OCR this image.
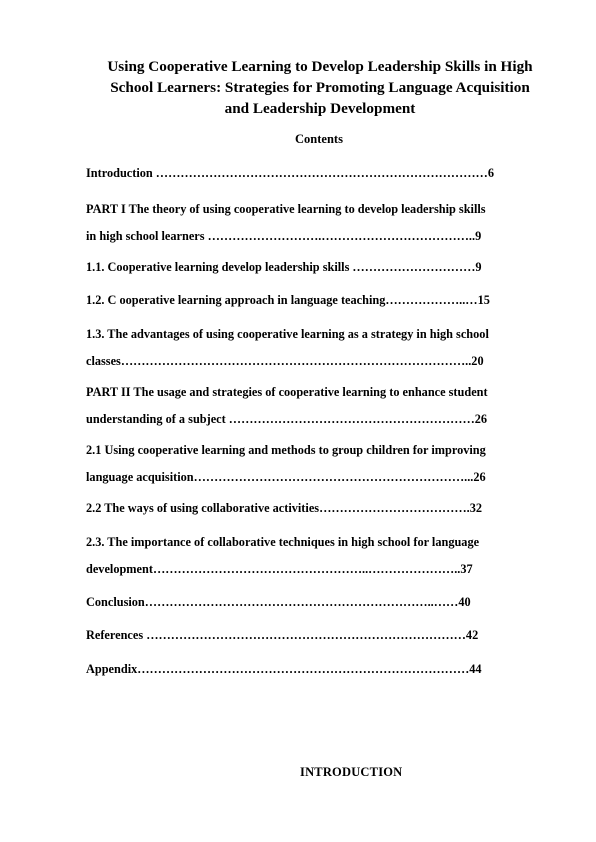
Using Cooperative Learning to Develop Leadership Skills in High
School Learners: Strategies for Promoting Language Acquisition
and Leadership Development
Contents
Introduction ………………………………………………………………………6
PART I The theory of using cooperative learning to develop leadership skills
in high school learners ……………………….………………………………..9
1.1. Cooperative learning develop leadership skills …………………………9
1.2. C ooperative learning approach in language teaching………………..…15
1.3. The advantages of using cooperative learning as a strategy in high school
classes…………………………………………………………………………..20
PART II The usage and strategies of cooperative learning to enhance student
understanding of a subject ……………………………………………………26
2.1 Using cooperative learning and methods to group children for improving
language acquisition…………………………………………………………...26
2.2 The ways of using collaborative activities……………………………….32
2.3. The importance of collaborative techniques in high school for language
development……………………………………………..…………………..37
Conclusion……………………………………………………………..……40
References ……………………………………………………………………42
Appendix………………………………………………………………………44
INTRODUCTION
